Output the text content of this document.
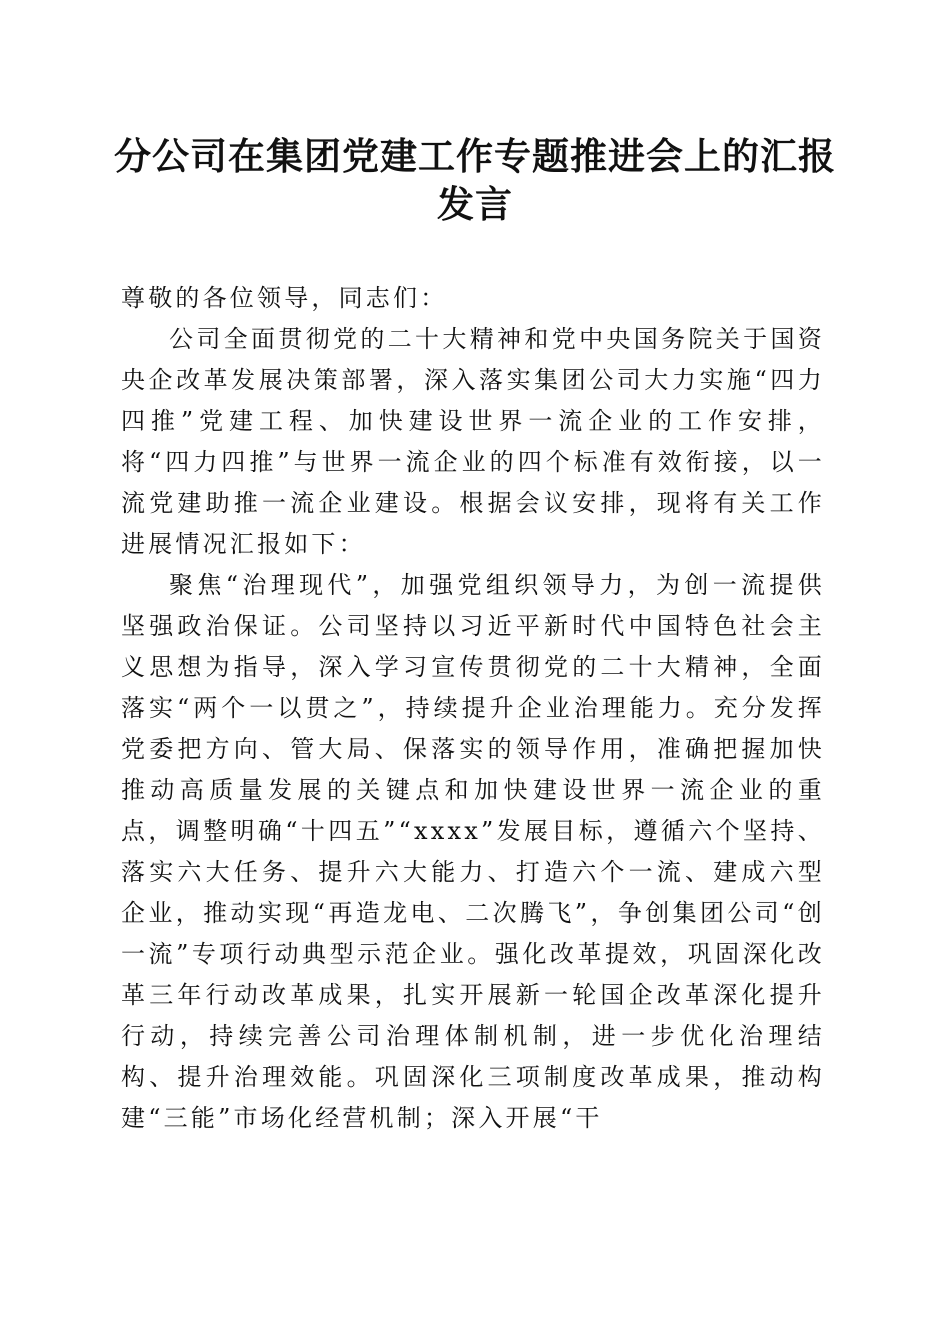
分公司在集团党建工作专题推进会上的汇报发言

尊敬的各位领导，同志们：

公司全面贯彻党的二十大精神和党中央国务院关于国资央企改革发展决策部署，深入落实集团公司大力实施“四力四推”党建工程、加快建设世界一流企业的工作安排，将“四力四推”与世界一流企业的四个标准有效衔接，以一流党建助推一流企业建设。根据会议安排，现将有关工作进展情况汇报如下：

聚焦“治理现代”，加强党组织领导力，为创一流提供坚强政治保证。公司坚持以习近平新时代中国特色社会主义思想为指导，深入学习宣传贯彻党的二十大精神，全面落实“两个一以贯之”，持续提升企业治理能力。充分发挥党委把方向、管大局、保落实的领导作用，准确把握加快推动高质量发展的关键点和加快建设世界一流企业的重点，调整明确“十四五”“xxxx”发展目标，遵循六个坚持、落实六大任务、提升六大能力、打造六个一流、建成六型企业，推动实现“再造龙电、二次腾飞”，争创集团公司“创一流”专项行动典型示范企业。强化改革提效，巩固深化改革三年行动改革成果，扎实开展新一轮国企改革深化提升行动，持续完善公司治理体制机制，进一步优化治理结构、提升治理效能。巩固深化三项制度改革成果，推动构建“三能”市场化经营机制；深入开展“干
